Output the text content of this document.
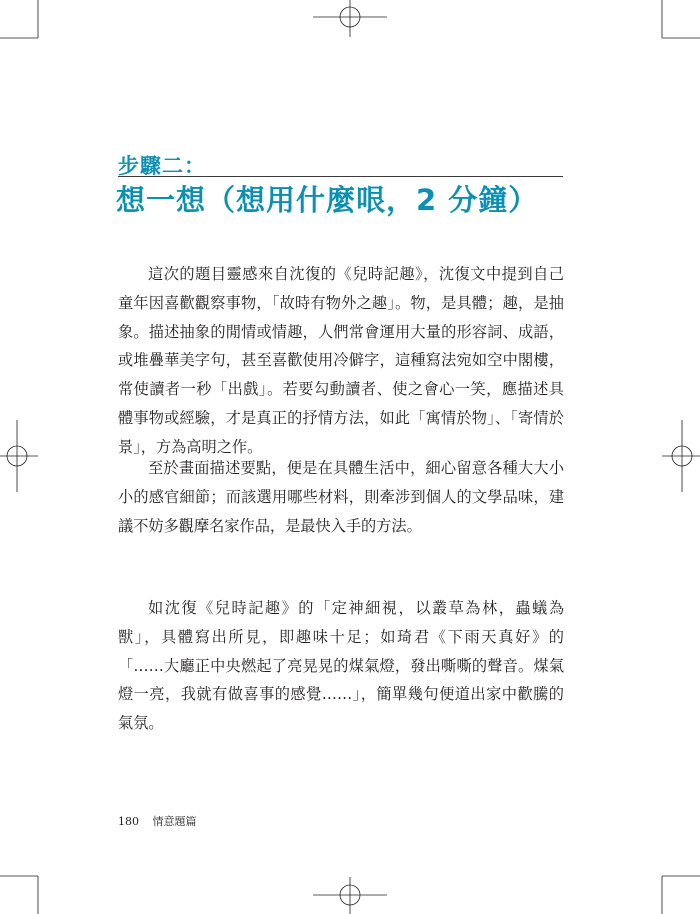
步驟二：
想一想（想用什麼哏，2 分鐘）

這次的題目靈感來自沈復的《兒時記趣》，沈復文中提到自己童年因喜歡觀察事物，「故時有物外之趣」。物，是具體；趣，是抽象。描述抽象的閒情或情趣，人們常會運用大量的形容詞、成語，或堆疊華美字句，甚至喜歡使用冷僻字，這種寫法宛如空中閣樓，常使讀者一秒「出戲」。若要勾動讀者、使之會心一笑，應描述具體事物或經驗，才是真正的抒情方法，如此「寓情於物」、「寄情於景」，方為高明之作。

至於畫面描述要點，便是在具體生活中，細心留意各種大大小小的感官細節；而該選用哪些材料，則牽涉到個人的文學品味，建議不妨多觀摩名家作品，是最快入手的方法。

如沈復《兒時記趣》的「定神細視，以叢草為林，蟲蟻為獸」，具體寫出所見，即趣味十足；如琦君《下雨天真好》的「……大廳正中央燃起了亮晃晃的煤氣燈，發出嘶嘶的聲音。煤氣燈一亮，我就有做喜事的感覺……」，簡單幾句便道出家中歡騰的氣氛。

180 情意題篇
